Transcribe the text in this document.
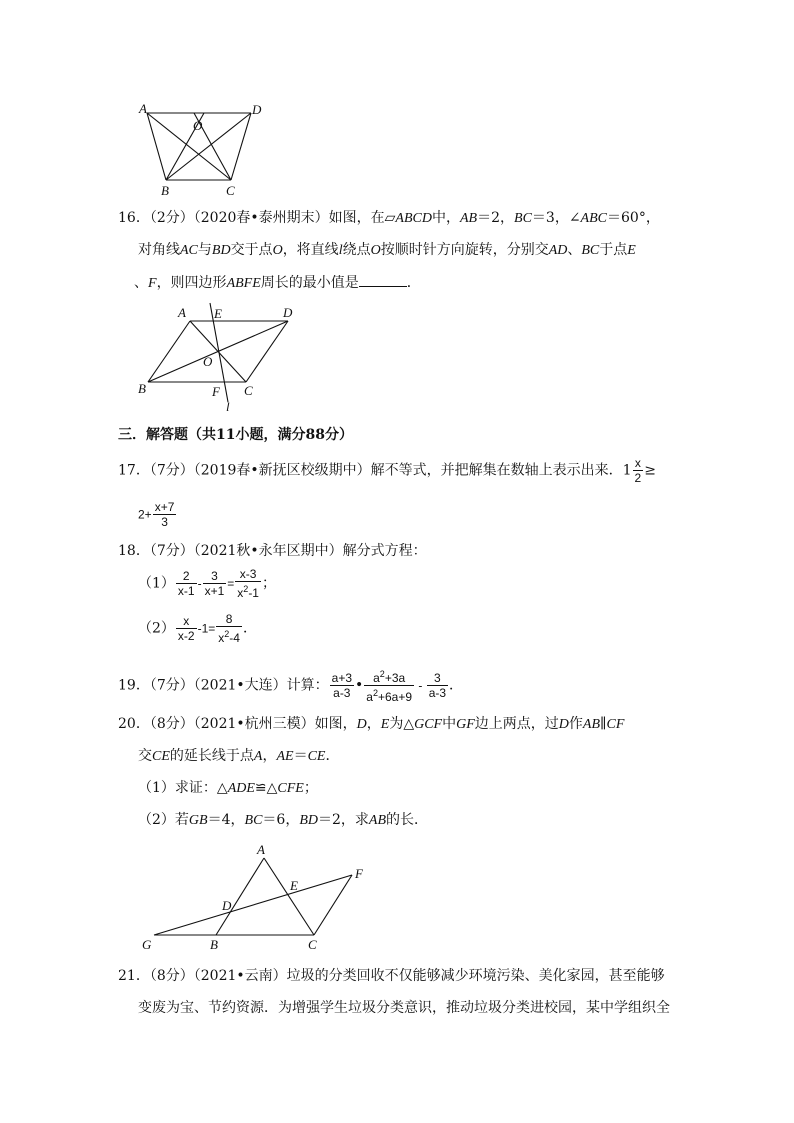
A	D
O
B	C
16．（2分）（2020春•泰州期末）如图，在▱ABCD中，AB＝2，BC＝3，∠ABC＝60°，
对角线AC与BD交于点O，将直线l绕点O按顺时针方向旋转，分别交AD、BC于点E
、F，则四边形ABFE周长的最小值是	．
A E	D
O
B	F C
l
三．解答题（共11小题，满分88分）
17．（7分）（2019春•新抚区校级期中）解不等式，并把解集在数轴上表示出来．$1 \frac{x}{2}$ ≥
$2+ \frac{x+7}{3}$
18．（7分）（2021秋•永年区期中）解分式方程：
$(1) \frac{2}{x-1} - \frac{3}{x+1} = \frac{x-3}{x^2-1}$ ；
$(2) \frac{x}{x-2} -1= \frac{8}{x^2-4}$ ．
19．（7分）（2021•大连）计算： $\frac{a+3}{a-3}$ • $\frac{a^2+3a}{a^2+6a+9} - \frac{3}{a-3}$ ．
20．（8分）（2021•杭州三模）如图，D，E为△GCF中GF边上两点，过D作AB∥CF
交CE的延长线于点A，AE＝CE．
（1）求证：△ADE≌△CFE；
（2）若GB＝4，BC＝6，BD＝2，求AB的长．
A
E
F
D
G	B	C
21．（8分）（2021•云南）垃圾的分类回收不仅能够减少环境污染、美化家园，甚至能够
变废为宝、节约资源．为增强学生垃圾分类意识，推动垃圾分类进校园，某中学组织全
